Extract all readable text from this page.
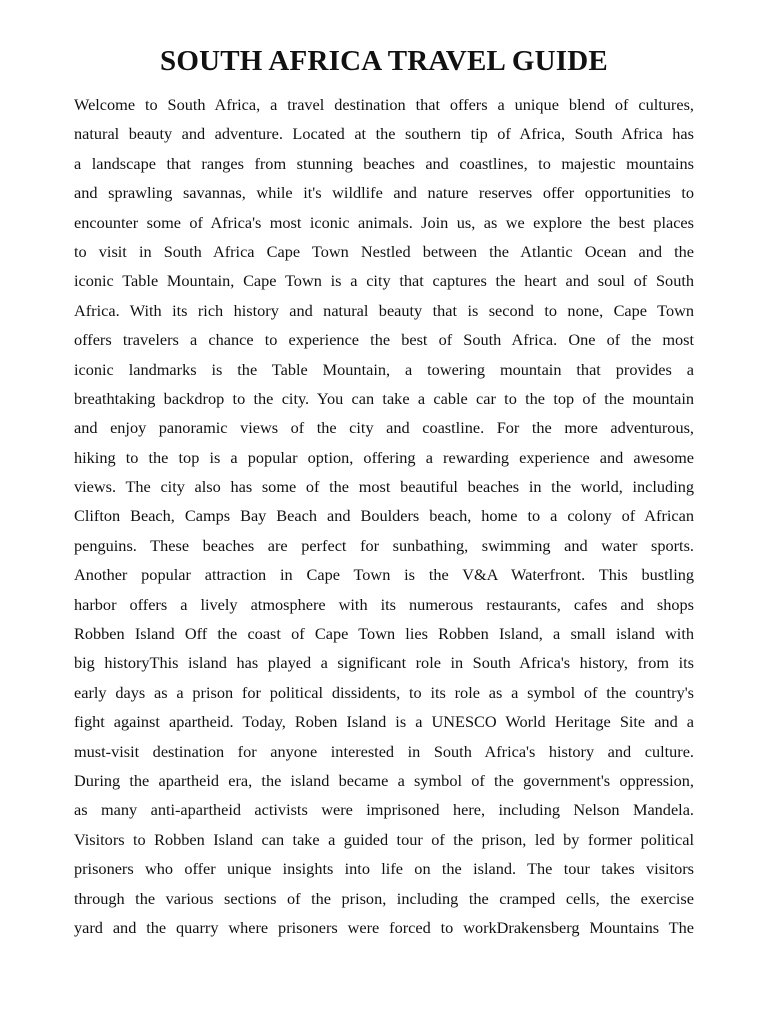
SOUTH AFRICA TRAVEL GUIDE
Welcome to South Africa, a travel destination that offers a unique blend of cultures,
natural beauty and adventure. Located at the southern tip of Africa, South Africa has
a landscape that ranges from stunning beaches and coastlines, to majestic mountains
and sprawling savannas, while it's wildlife and nature reserves offer opportunities to
encounter some of Africa's most iconic animals. Join us, as we explore the best places
to visit in South Africa Cape Town Nestled between the Atlantic Ocean and the
iconic Table Mountain, Cape Town is a city that captures the heart and soul of South
Africa. With its rich history and natural beauty that is second to none, Cape Town
offers travelers a chance to experience the best of South Africa. One of the most
iconic landmarks is the Table Mountain, a towering mountain that provides a
breathtaking backdrop to the city. You can take a cable car to the top of the mountain
and enjoy panoramic views of the city and coastline. For the more adventurous,
hiking to the top is a popular option, offering a rewarding experience and awesome
views. The city also has some of the most beautiful beaches in the world, including
Clifton Beach, Camps Bay Beach and Boulders beach, home to a colony of African
penguins. These beaches are perfect for sunbathing, swimming and water sports.
Another popular attraction in Cape Town is the V&A Waterfront. This bustling
harbor offers a lively atmosphere with its numerous restaurants, cafes and shops
Robben Island Off the coast of Cape Town lies Robben Island, a small island with
big historyThis island has played a significant role in South Africa's history, from its
early days as a prison for political dissidents, to its role as a symbol of the country's
fight against apartheid. Today, Roben Island is a UNESCO World Heritage Site and a
must-visit destination for anyone interested in South Africa's history and culture.
During the apartheid era, the island became a symbol of the government's oppression,
as many anti-apartheid activists were imprisoned here, including Nelson Mandela.
Visitors to Robben Island can take a guided tour of the prison, led by former political
prisoners who offer unique insights into life on the island. The tour takes visitors
through the various sections of the prison, including the cramped cells, the exercise
yard and the quarry where prisoners were forced to workDrakensberg Mountains The
